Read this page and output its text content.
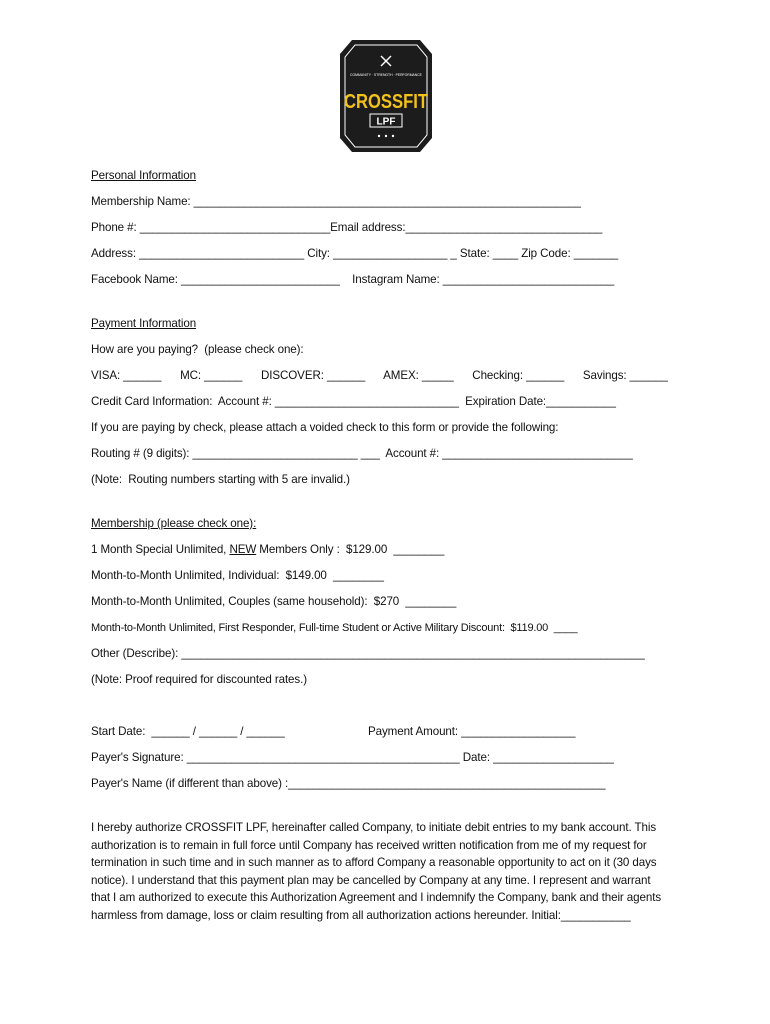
COMMUNITY · STRENGTH · PERFORMANCE
CROSSFIT
LPF
Personal Information
Membership Name: _____________________________________________________________
Phone #: ______________________________Email address:_______________________________
Address: __________________________ City: __________________ _ State: ____ Zip Code: _______
Facebook Name: _________________________    Instagram Name: ___________________________
Payment Information
How are you paying?  (please check one):
VISA: ______      MC: ______      DISCOVER: ______      AMEX: _____      Checking: ______      Savings: ______
Credit Card Information:  Account #: _____________________________  Expiration Date:___________
If you are paying by check, please attach a voided check to this form or provide the following:
Routing # (9 digits): __________________________ ___  Account #: ______________________________
(Note:  Routing numbers starting with 5 are invalid.)
Membership (please check one):
1 Month Special Unlimited, NEW Members Only :  $129.00  ________
Month-to-Month Unlimited, Individual:  $149.00  ________
Month-to-Month Unlimited, Couples (same household):  $270  ________
Month-to-Month Unlimited, First Responder, Full-time Student or Active Military Discount:  $119.00  ____
Other (Describe): _________________________________________________________________________
(Note: Proof required for discounted rates.)
Start Date:  ______ / ______ / ______	Payment Amount: __________________
Payer's Signature: ___________________________________________ Date: ___________________
Payer's Name (if different than above) :__________________________________________________
I hereby authorize CROSSFIT LPF, hereinafter called Company, to initiate debit entries to my bank account. This authorization is to remain in full force until Company has received written notification from me of my request for termination in such time and in such manner as to afford Company a reasonable opportunity to act on it (30 days notice). I understand that this payment plan may be cancelled by Company at any time. I represent and warrant that I am authorized to execute this Authorization Agreement and I indemnify the Company, bank and their agents harmless from damage, loss or claim resulting from all authorization actions hereunder. Initial:___________
